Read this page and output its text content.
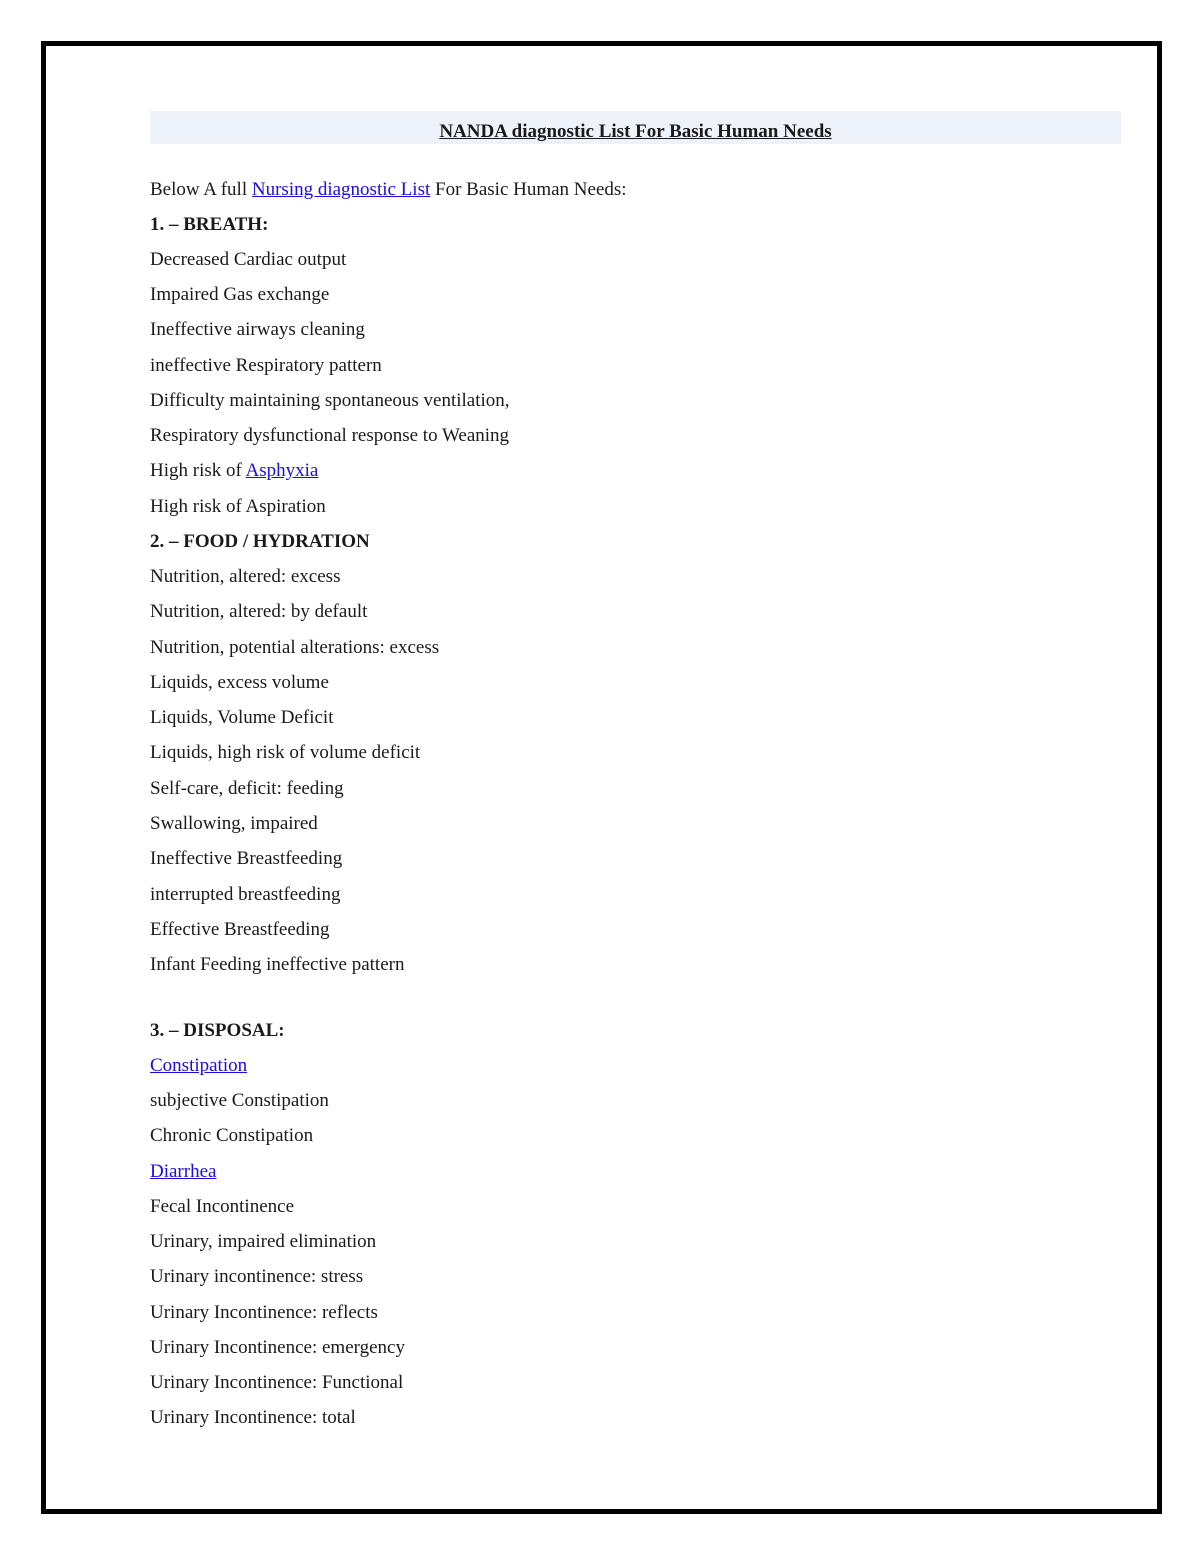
NANDA diagnostic List For Basic Human Needs
Below A full Nursing diagnostic List For Basic Human Needs:
1. – BREATH:
Decreased Cardiac output
Impaired Gas exchange
Ineffective airways cleaning
ineffective Respiratory pattern
Difficulty maintaining spontaneous ventilation,
Respiratory dysfunctional response to Weaning
High risk of Asphyxia
High risk of Aspiration
2. – FOOD / HYDRATION
Nutrition, altered: excess
Nutrition, altered: by default
Nutrition, potential alterations: excess
Liquids, excess volume
Liquids, Volume Deficit
Liquids, high risk of volume deficit
Self-care, deficit: feeding
Swallowing, impaired
Ineffective Breastfeeding
interrupted breastfeeding
Effective Breastfeeding
Infant Feeding ineffective pattern
3. – DISPOSAL:
Constipation
subjective Constipation
Chronic Constipation
Diarrhea
Fecal Incontinence
Urinary, impaired elimination
Urinary incontinence: stress
Urinary Incontinence: reflects
Urinary Incontinence: emergency
Urinary Incontinence: Functional
Urinary Incontinence: total
